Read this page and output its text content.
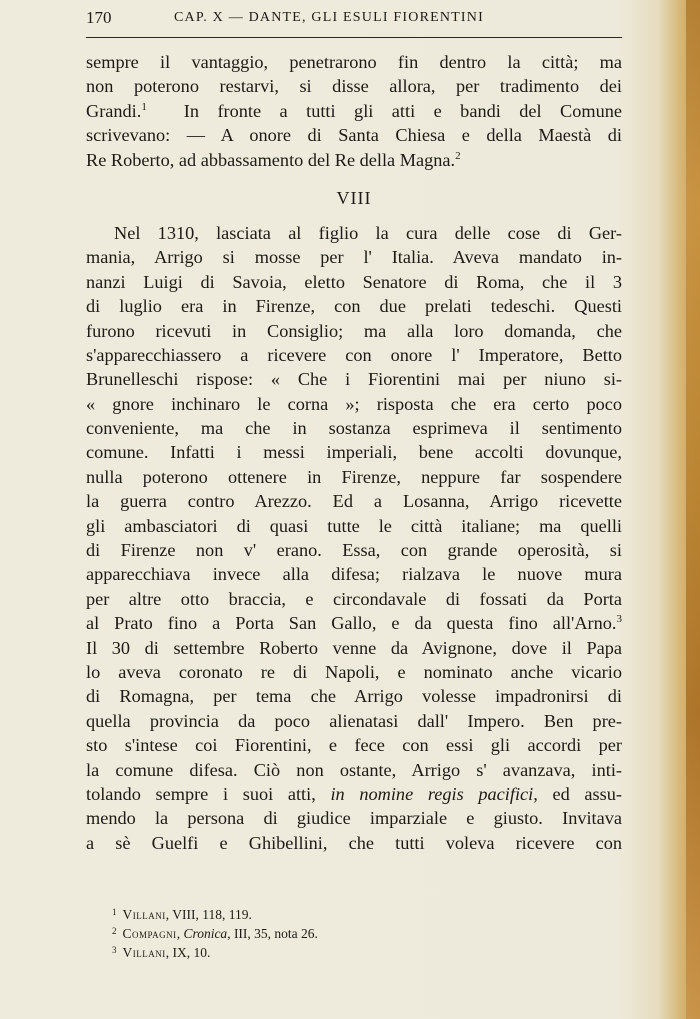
170	CAP. X — DANTE, GLI ESULI FIORENTINI
sempre il vantaggio, penetrarono fin dentro la città; ma
non poterono restarvi, si disse allora, per tradimento dei
Grandi.$^1$ In fronte a tutti gli atti e bandi del Comune
scrivevano: — A onore di Santa Chiesa e della Maestà di
Re Roberto, ad abbassamento del Re della Magna.$^2$
VIII
Nel 1310, lasciata al figlio la cura delle cose di Ger-
mania, Arrigo si mosse per l' Italia. Aveva mandato in-
nanzi Luigi di Savoia, eletto Senatore di Roma, che il 3
di luglio era in Firenze, con due prelati tedeschi. Questi
furono ricevuti in Consiglio; ma alla loro domanda, che
s'apparecchiassero a ricevere con onore l' Imperatore, Betto
Brunelleschi rispose: « Che i Fiorentini mai per niuno si-
« gnore inchinaro le corna »; risposta che era certo poco
conveniente, ma che in sostanza esprimeva il sentimento
comune. Infatti i messi imperiali, bene accolti dovunque,
nulla poterono ottenere in Firenze, neppure far sospendere
la guerra contro Arezzo. Ed a Losanna, Arrigo ricevette
gli ambasciatori di quasi tutte le città italiane; ma quelli
di Firenze non v' erano. Essa, con grande operosità, si
apparecchiava invece alla difesa; rialzava le nuove mura
per altre otto braccia, e circondavale di fossati da Porta
al Prato fino a Porta San Gallo, e da questa fino all'Arno.$^3$
Il 30 di settembre Roberto venne da Avignone, dove il Papa
lo aveva coronato re di Napoli, e nominato anche vicario
di Romagna, per tema che Arrigo volesse impadronirsi di
quella provincia da poco alienatasi dall' Impero. Ben pre-
sto s'intese coi Fiorentini, e fece con essi gli accordi per
la comune difesa. Ciò non ostante, Arrigo s' avanzava, inti-
tolando sempre i suoi atti, in nomine regis pacifici, ed assu-
mendo la persona di giudice imparziale e giusto. Invitava
a sè Guelfi e Ghibellini, che tutti voleva ricevere con
$^1$ Villani, VIII, 118, 119.
$^2$ Compagni, Cronica, III, 35, nota 26.
$^3$ Villani, IX, 10.
